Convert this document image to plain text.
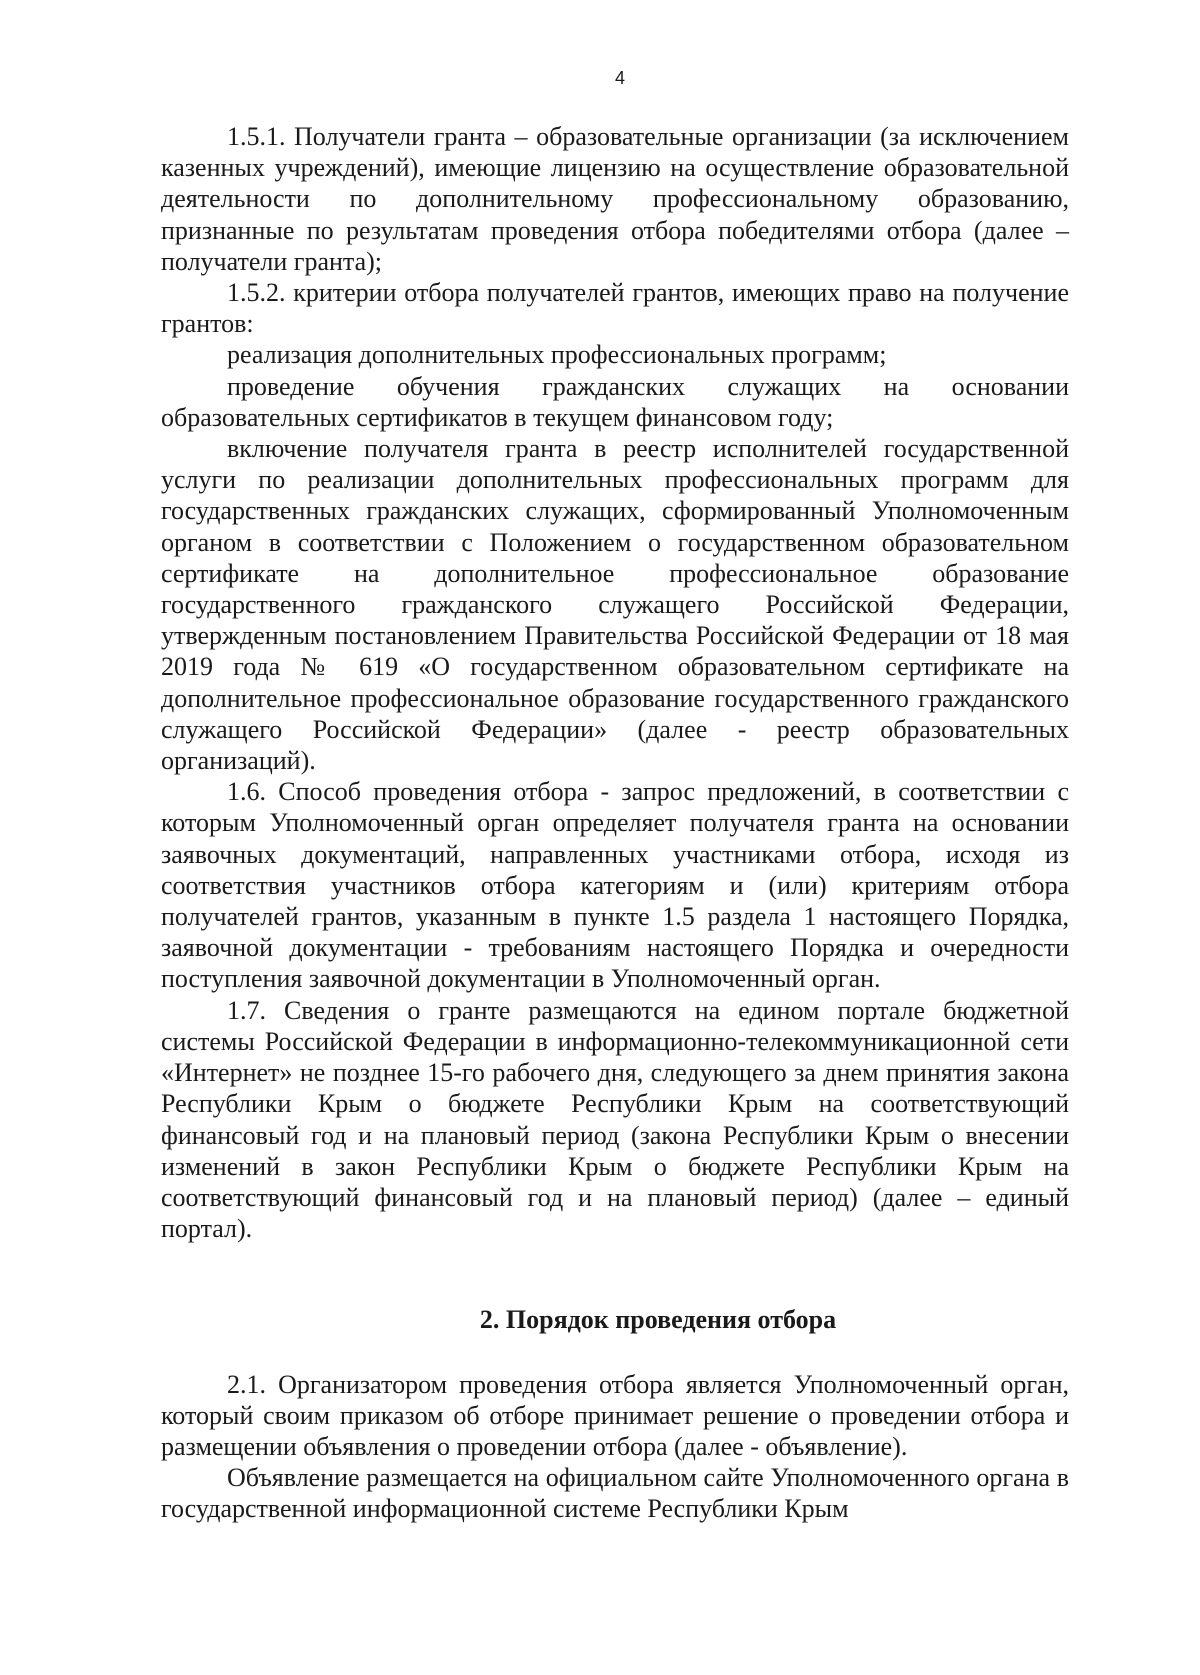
4

1.5.1. Получатели гранта – образовательные организации (за исключением казенных учреждений), имеющие лицензию на осуществление образовательной деятельности по дополнительному профессиональному образованию, признанные по результатам проведения отбора победителями отбора (далее – получатели гранта);

1.5.2. критерии отбора получателей грантов, имеющих право на получение грантов:

реализация дополнительных профессиональных программ;

проведение обучения гражданских служащих на основании образовательных сертификатов в текущем финансовом году;

включение получателя гранта в реестр исполнителей государственной услуги по реализации дополнительных профессиональных программ для государственных гражданских служащих, сформированный Уполномоченным органом в соответствии с Положением о государственном образовательном сертификате на дополнительное профессиональное образование государственного гражданского служащего Российской Федерации, утвержденным постановлением Правительства Российской Федерации от 18 мая 2019 года № 619 «О государственном образовательном сертификате на дополнительное профессиональное образование государственного гражданского служащего Российской Федерации» (далее - реестр образовательных организаций).

1.6. Способ проведения отбора - запрос предложений, в соответствии с которым Уполномоченный орган определяет получателя гранта на основании заявочных документаций, направленных участниками отбора, исходя из соответствия участников отбора категориям и (или) критериям отбора получателей грантов, указанным в пункте 1.5 раздела 1 настоящего Порядка, заявочной документации - требованиям настоящего Порядка и очередности поступления заявочной документации в Уполномоченный орган.

1.7. Сведения о гранте размещаются на едином портале бюджетной системы Российской Федерации в информационно-телекоммуникационной сети «Интернет» не позднее 15-го рабочего дня, следующего за днем принятия закона Республики Крым о бюджете Республики Крым на соответствующий финансовый год и на плановый период (закона Республики Крым о внесении изменений в закон Республики Крым о бюджете Республики Крым на соответствующий финансовый год и на плановый период) (далее – единый портал).

2. Порядок проведения отбора

2.1. Организатором проведения отбора является Уполномоченный орган, который своим приказом об отборе принимает решение о проведении отбора и размещении объявления о проведении отбора (далее - объявление).

Объявление размещается на официальном сайте Уполномоченного органа в государственной информационной системе Республики Крым
